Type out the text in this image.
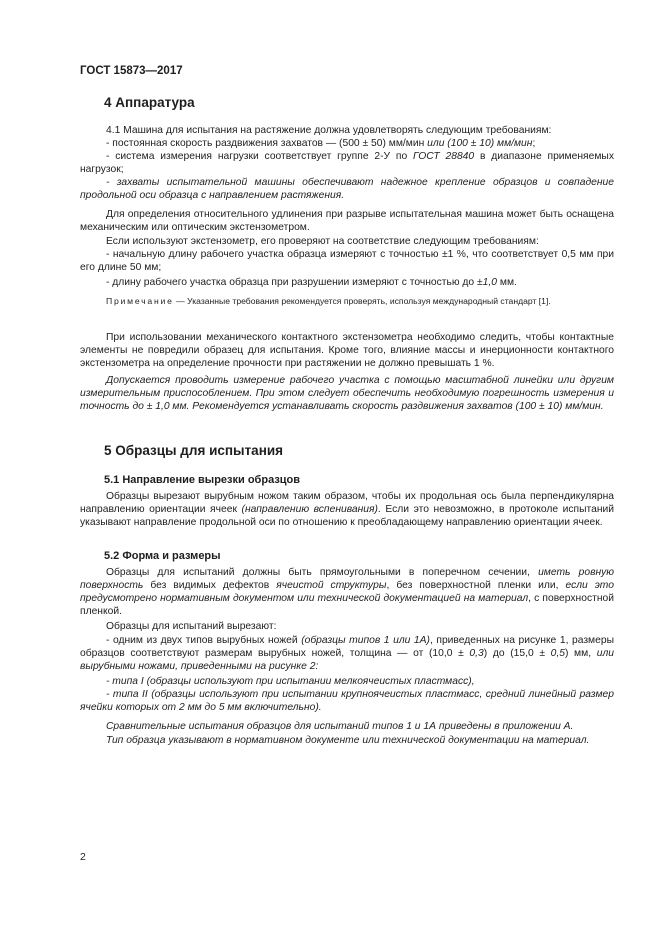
ГОСТ 15873—2017
4 Аппаратура
4.1 Машина для испытания на растяжение должна удовлетворять следующим требованиям:
- постоянная скорость раздвижения захватов — (500 ± 50) мм/мин или (100 ± 10) мм/мин;
- система измерения нагрузки соответствует группе 2-У по ГОСТ 28840 в диапазоне применяемых нагрузок;
- захваты испытательной машины обеспечивают надежное крепление образцов и совпадение продольной оси образца с направлением растяжения.
Для определения относительного удлинения при разрыве испытательная машина может быть оснащена механическим или оптическим экстензометром.
Если используют экстензометр, его проверяют на соответствие следующим требованиям:
- начальную длину рабочего участка образца измеряют с точностью ±1 %, что соответствует 0,5 мм при его длине 50 мм;
- длину рабочего участка образца при разрушении измеряют с точностью до ±1,0 мм.
Примечание — Указанные требования рекомендуется проверять, используя международный стандарт [1].
При использовании механического контактного экстензометра необходимо следить, чтобы контактные элементы не повредили образец для испытания. Кроме того, влияние массы и инерционности контактного экстензометра на определение прочности при растяжении не должно превышать 1 %.
Допускается проводить измерение рабочего участка с помощью масштабной линейки или другим измерительным приспособлением. При этом следует обеспечить необходимую погрешность измерения и точность до ± 1,0 мм. Рекомендуется устанавливать скорость раздвижения захватов (100 ± 10) мм/мин.
5 Образцы для испытания
5.1 Направление вырезки образцов
Образцы вырезают вырубным ножом таким образом, чтобы их продольная ось была перпендикулярна направлению ориентации ячеек (направлению вспенивания). Если это невозможно, в протоколе испытаний указывают направление продольной оси по отношению к преобладающему направлению ориентации ячеек.
5.2 Форма и размеры
Образцы для испытаний должны быть прямоугольными в поперечном сечении, иметь ровную поверхность без видимых дефектов ячеистой структуры, без поверхностной пленки или, если это предусмотрено нормативным документом или технической документацией на материал, с поверхностной пленкой.
Образцы для испытаний вырезают:
- одним из двух типов вырубных ножей (образцы типов 1 или 1А), приведенных на рисунке 1, размеры образцов соответствуют размерам вырубных ножей, толщина — от (10,0 ± 0,3) до (15,0 ± 0,5) мм, или вырубными ножами, приведенными на рисунке 2:
- типа I (образцы используют при испытании мелкоячеистых пластмасс),
- типа II (образцы используют при испытании крупноячеистых пластмасс, средний линейный размер ячейки которых от 2 мм до 5 мм включительно).
Сравнительные испытания образцов для испытаний типов 1 и 1А приведены в приложении А.
Тип образца указывают в нормативном документе или технической документации на материал.
2
